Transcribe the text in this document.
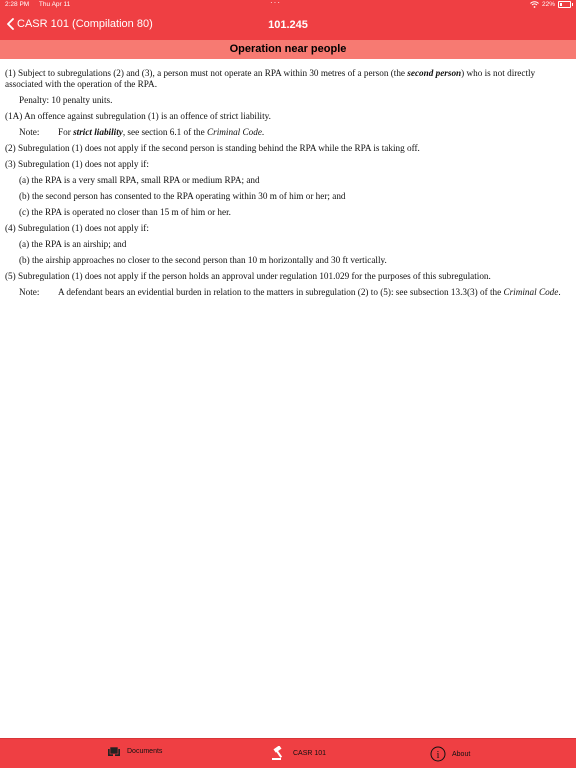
2:28 PM Thu Apr 11	···	22%
CASR 101 (Compilation 80)	101.245
Operation near people

(1) Subject to subregulations (2) and (3), a person must not operate an RPA within 30 metres of a person (the second person) who is not directly associated with the operation of the RPA.

Penalty: 10 penalty units.

(1A) An offence against subregulation (1) is an offence of strict liability.

Note:	For strict liability, see section 6.1 of the Criminal Code.

(2) Subregulation (1) does not apply if the second person is standing behind the RPA while the RPA is taking off.

(3) Subregulation (1) does not apply if:

(a) the RPA is a very small RPA, small RPA or medium RPA; and

(b) the second person has consented to the RPA operating within 30 m of him or her; and

(c) the RPA is operated no closer than 15 m of him or her.

(4) Subregulation (1) does not apply if:

(a) the RPA is an airship; and

(b) the airship approaches no closer to the second person than 10 m horizontally and 30 ft vertically.

(5) Subregulation (1) does not apply if the person holds an approval under regulation 101.029 for the purposes of this subregulation.

Note:	A defendant bears an evidential burden in relation to the matters in subregulation (2) to (5): see subsection 13.3(3) of the Criminal Code.
Documents	CASR 101	i About
